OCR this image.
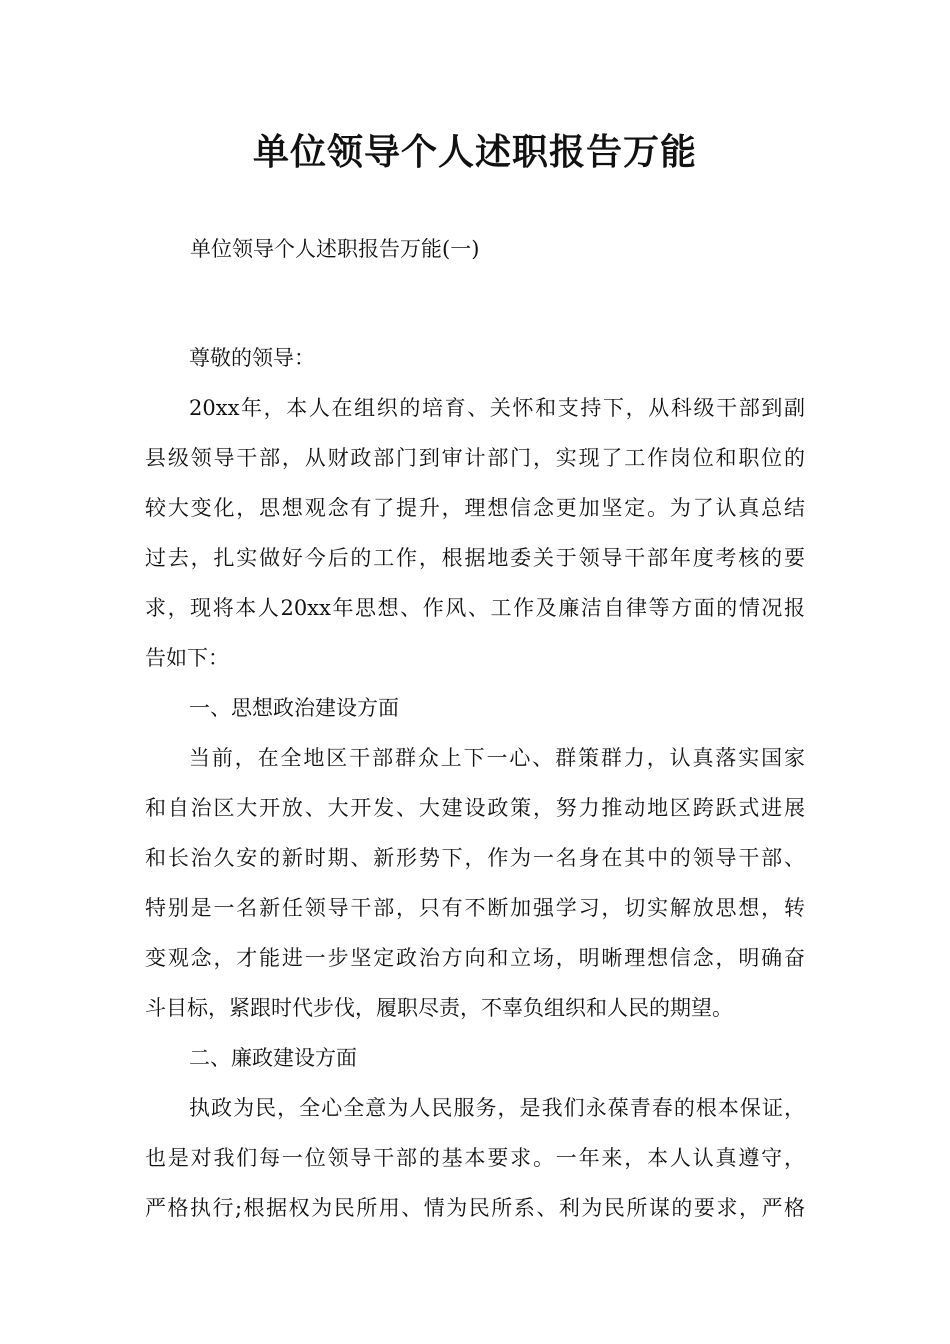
单位领导个人述职报告万能

单位领导个人述职报告万能(一)

尊敬的领导：
20xx年，本人在组织的培育、关怀和支持下，从科级干部到副
县级领导干部，从财政部门到审计部门，实现了工作岗位和职位的
较大变化，思想观念有了提升，理想信念更加坚定。为了认真总结
过去，扎实做好今后的工作，根据地委关于领导干部年度考核的要
求，现将本人20xx年思想、作风、工作及廉洁自律等方面的情况报
告如下：
一、思想政治建设方面
当前，在全地区干部群众上下一心、群策群力，认真落实国家
和自治区大开放、大开发、大建设政策，努力推动地区跨跃式进展
和长治久安的新时期、新形势下，作为一名身在其中的领导干部、
特别是一名新任领导干部，只有不断加强学习，切实解放思想，转
变观念，才能进一步坚定政治方向和立场，明晰理想信念，明确奋
斗目标，紧跟时代步伐，履职尽责，不辜负组织和人民的期望。
二、廉政建设方面
执政为民，全心全意为人民服务，是我们永葆青春的根本保证，
也是对我们每一位领导干部的基本要求。一年来，本人认真遵守，
严格执行;根据权为民所用、情为民所系、利为民所谋的要求，严格
